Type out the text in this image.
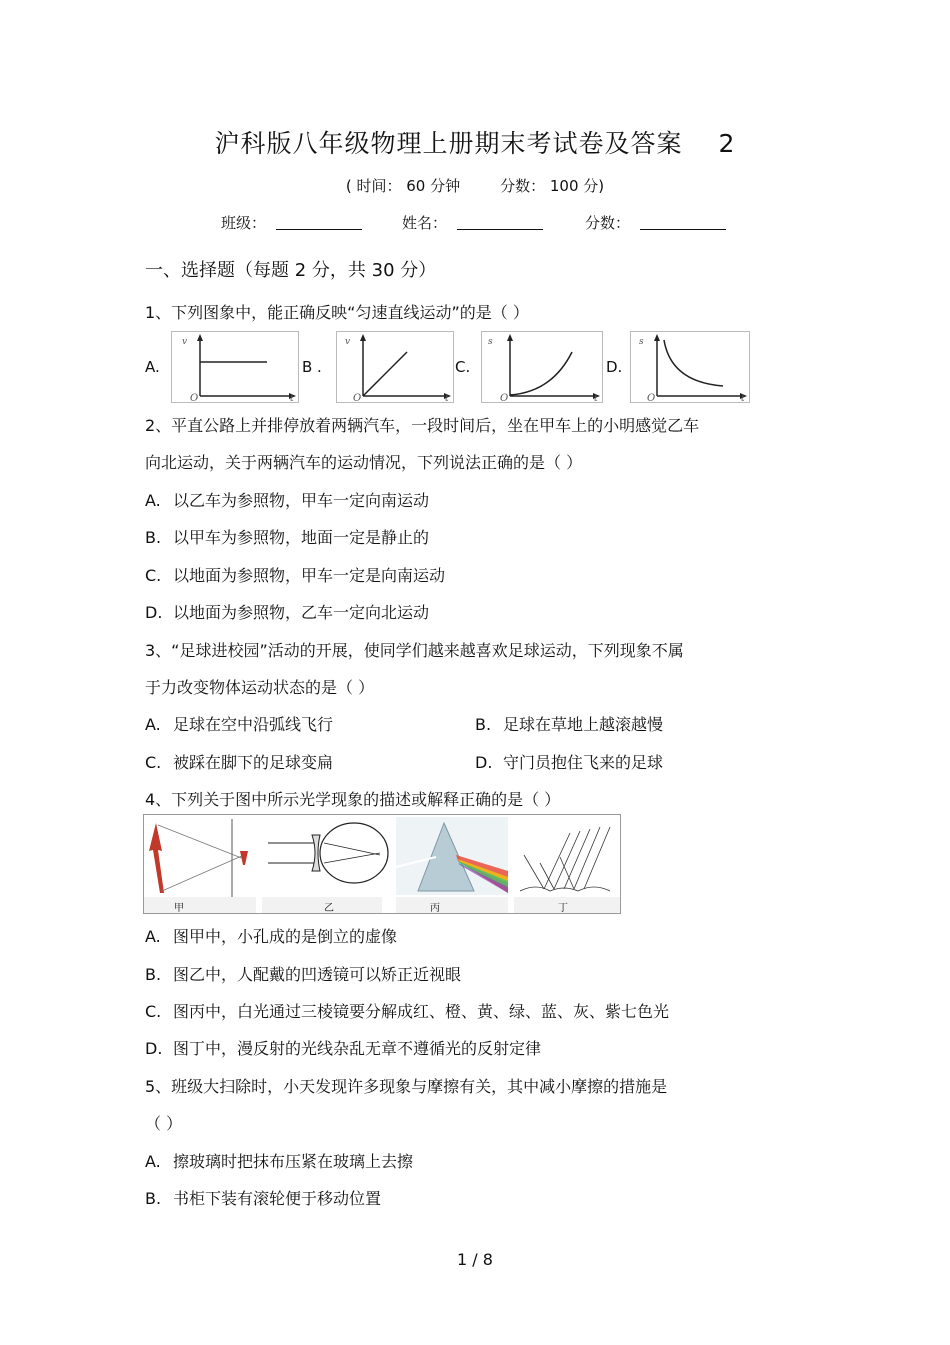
沪科版八年级物理上册期末考试卷及答案 2
( 时间： 60 分钟	分数： 100 分)
班级：	姓名：	分数：
一、选择题（每题 2 分，共 30 分）
1、下列图象中，能正确反映“匀速直线运动”的是（ ）
A.
v
O	t
B .
v
O	t
C.
s
O	t
D.
s
O	t
2、平直公路上并排停放着两辆汽车，一段时间后，坐在甲车上的小明感觉乙车
向北运动，关于两辆汽车的运动情况，下列说法正确的是（ ）
A. 以乙车为参照物，甲车一定向南运动
B. 以甲车为参照物，地面一定是静止的
C. 以地面为参照物，甲车一定是向南运动
D. 以地面为参照物，乙车一定向北运动
3、“足球进校园”活动的开展，使同学们越来越喜欢足球运动，下列现象不属
于力改变物体运动状态的是（ ）
A. 足球在空中沿弧线飞行	B. 足球在草地上越滚越慢
C. 被踩在脚下的足球变扁	D. 守门员抱住飞来的足球
4、下列关于图中所示光学现象的描述或解释正确的是（ ）
甲	乙	丙	丁
A. 图甲中，小孔成的是倒立的虚像
B. 图乙中，人配戴的凹透镜可以矫正近视眼
C. 图丙中，白光通过三棱镜要分解成红、橙、黄、绿、蓝、灰、紫七色光
D. 图丁中，漫反射的光线杂乱无章不遵循光的反射定律
5、班级大扫除时，小天发现许多现象与摩擦有关，其中减小摩擦的措施是
（ ）
A. 擦玻璃时把抹布压紧在玻璃上去擦
B. 书柜下装有滚轮便于移动位置
1 / 8
